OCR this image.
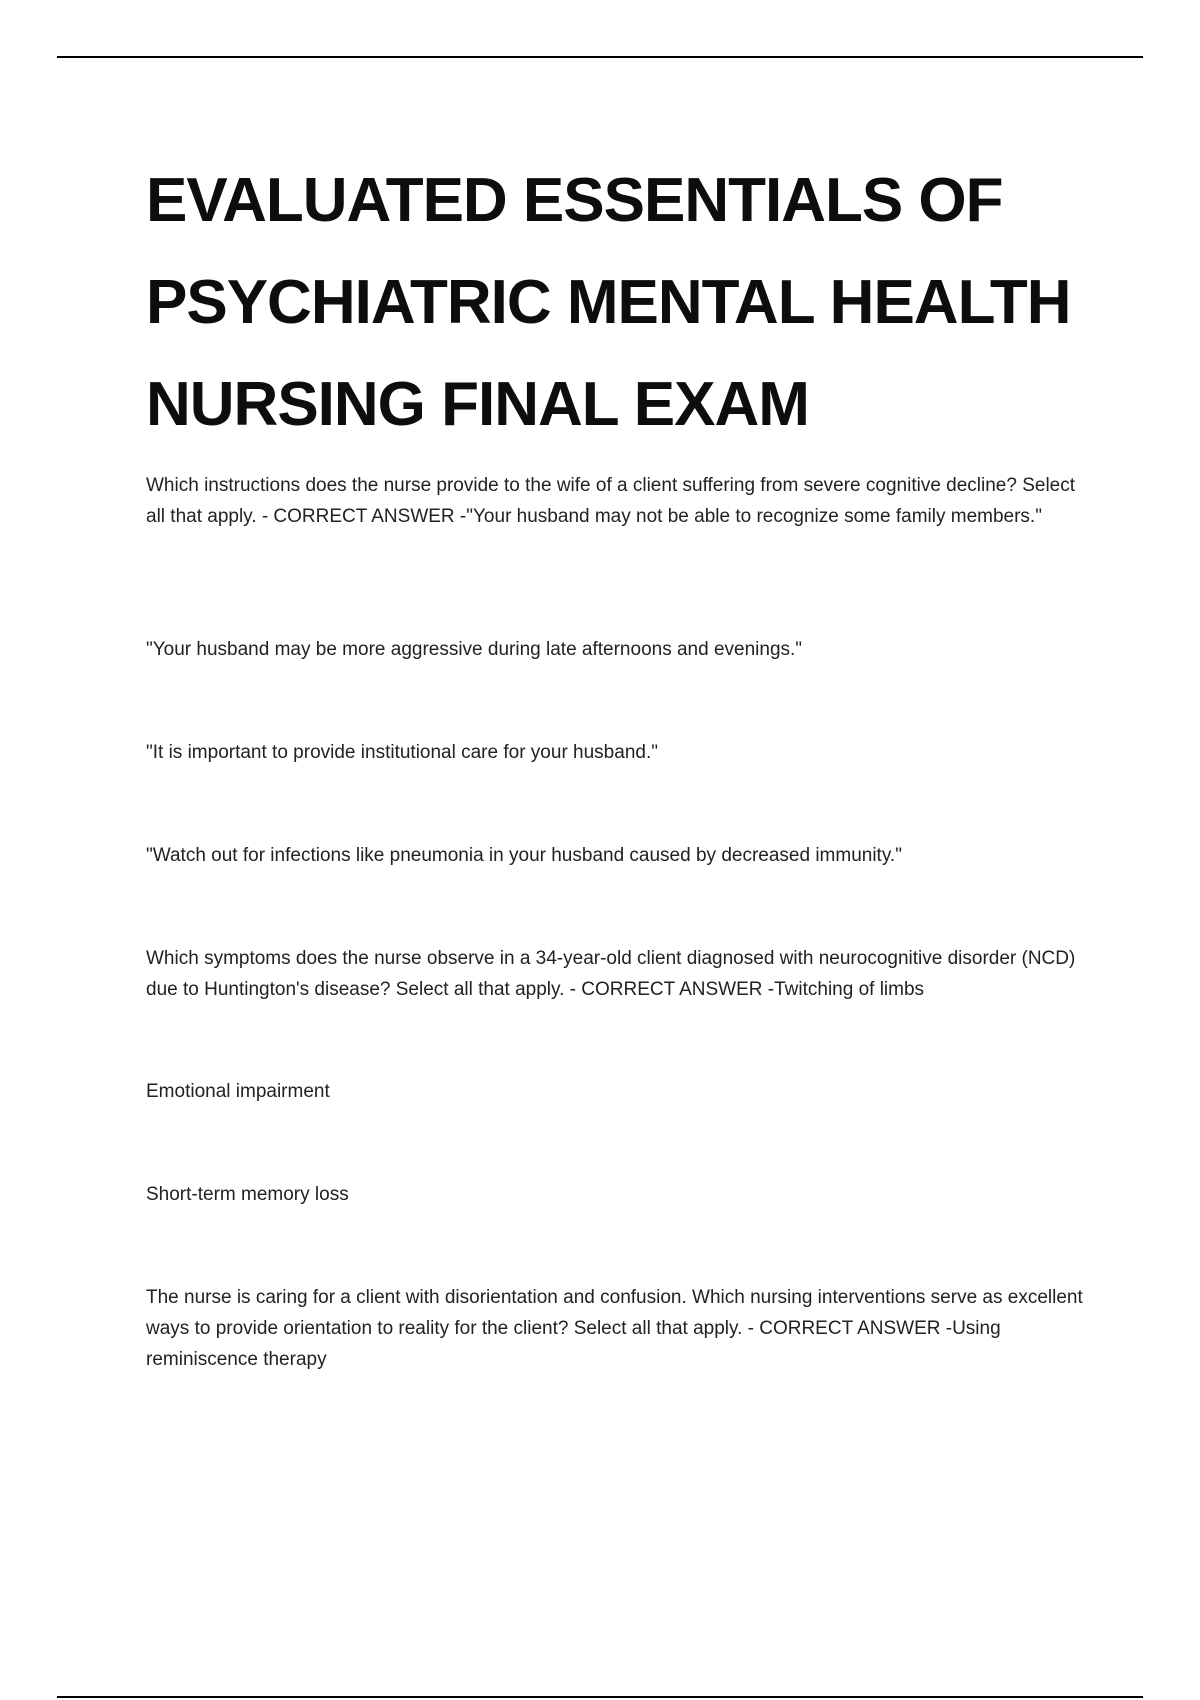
EVALUATED ESSENTIALS OF
PSYCHIATRIC MENTAL HEALTH
NURSING FINAL EXAM

Which instructions does the nurse provide to the wife of a client suffering from severe cognitive decline? Select all that apply. - CORRECT ANSWER -"Your husband may not be able to recognize some family members."

"Your husband may be more aggressive during late afternoons and evenings."

"It is important to provide institutional care for your husband."

"Watch out for infections like pneumonia in your husband caused by decreased immunity."

Which symptoms does the nurse observe in a 34-year-old client diagnosed with neurocognitive disorder (NCD) due to Huntington's disease? Select all that apply. - CORRECT ANSWER -Twitching of limbs

Emotional impairment

Short-term memory loss

The nurse is caring for a client with disorientation and confusion. Which nursing interventions serve as excellent ways to provide orientation to reality for the client? Select all that apply. - CORRECT ANSWER -Using reminiscence therapy
